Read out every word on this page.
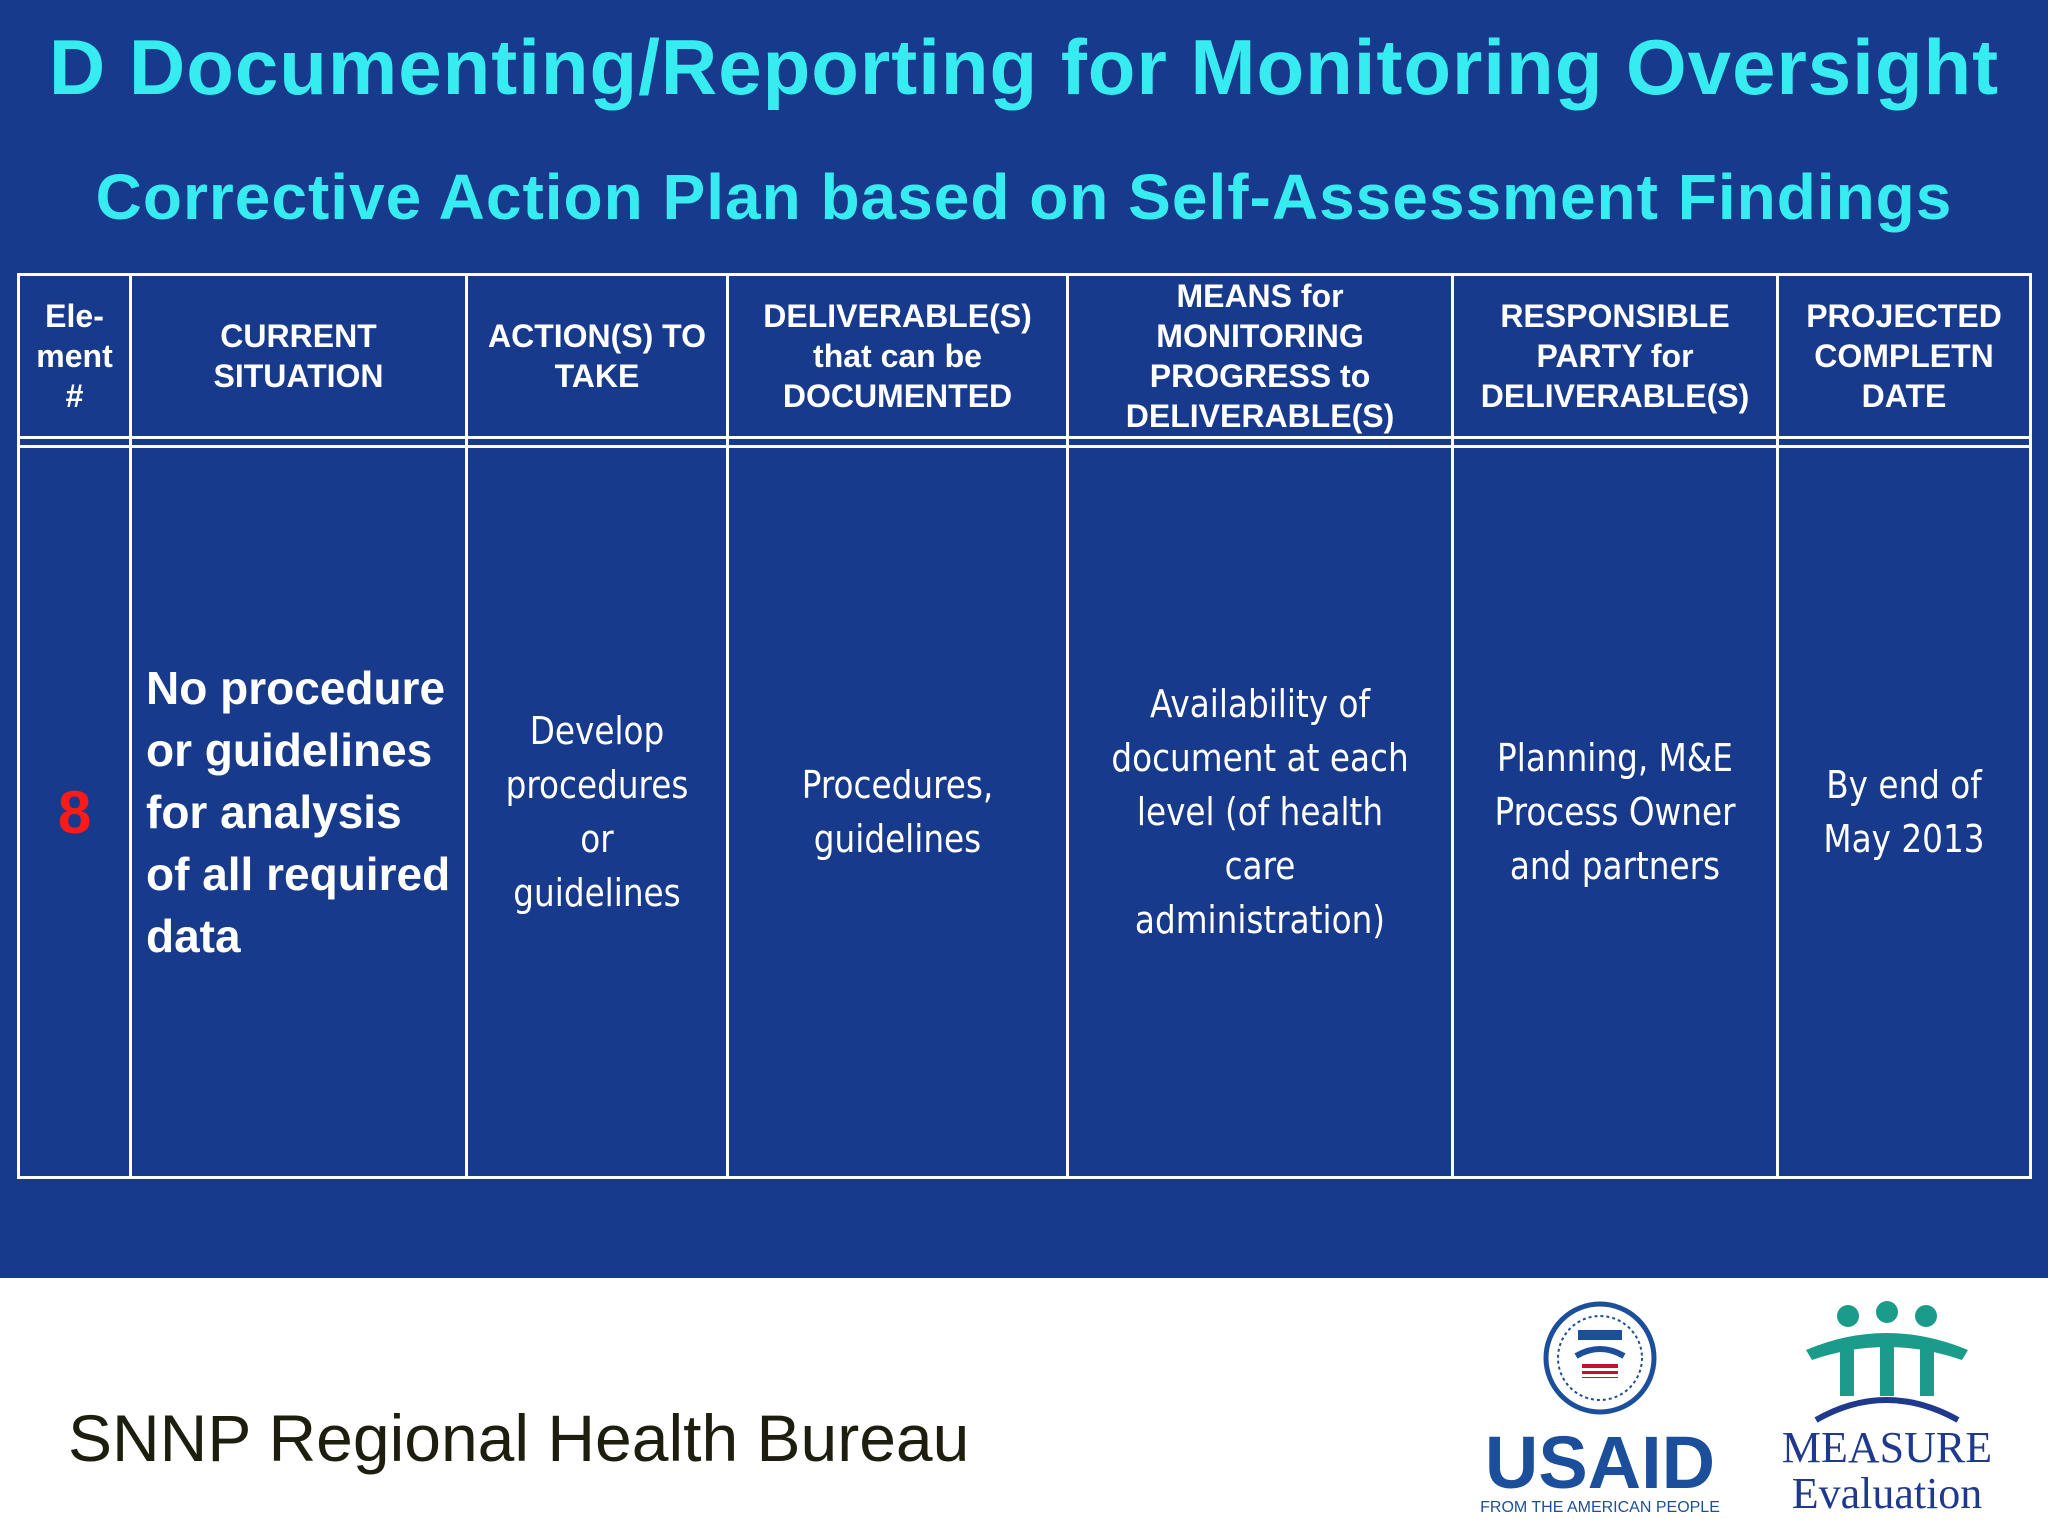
D Documenting/Reporting for Monitoring Oversight
Corrective Action Plan based on Self-Assessment Findings
Ele-ment #	CURRENT SITUATION	ACTION(S) TO TAKE	DELIVERABLE(S) that can be DOCUMENTED	MEANS for MONITORING PROGRESS to DELIVERABLE(S)	RESPONSIBLE PARTY for DELIVERABLE(S)	PROJECTED COMPLETN DATE

8	No procedure or guidelines for analysis of all required data	Develop procedures or guidelines	Procedures, guidelines	Availability of document at each level (of health care administration)	Planning, M&E Process Owner and partners	By end of May 2013
SNNP Regional Health Bureau	USAID
FROM THE AMERICAN PEOPLE
MEASURE
Evaluation
